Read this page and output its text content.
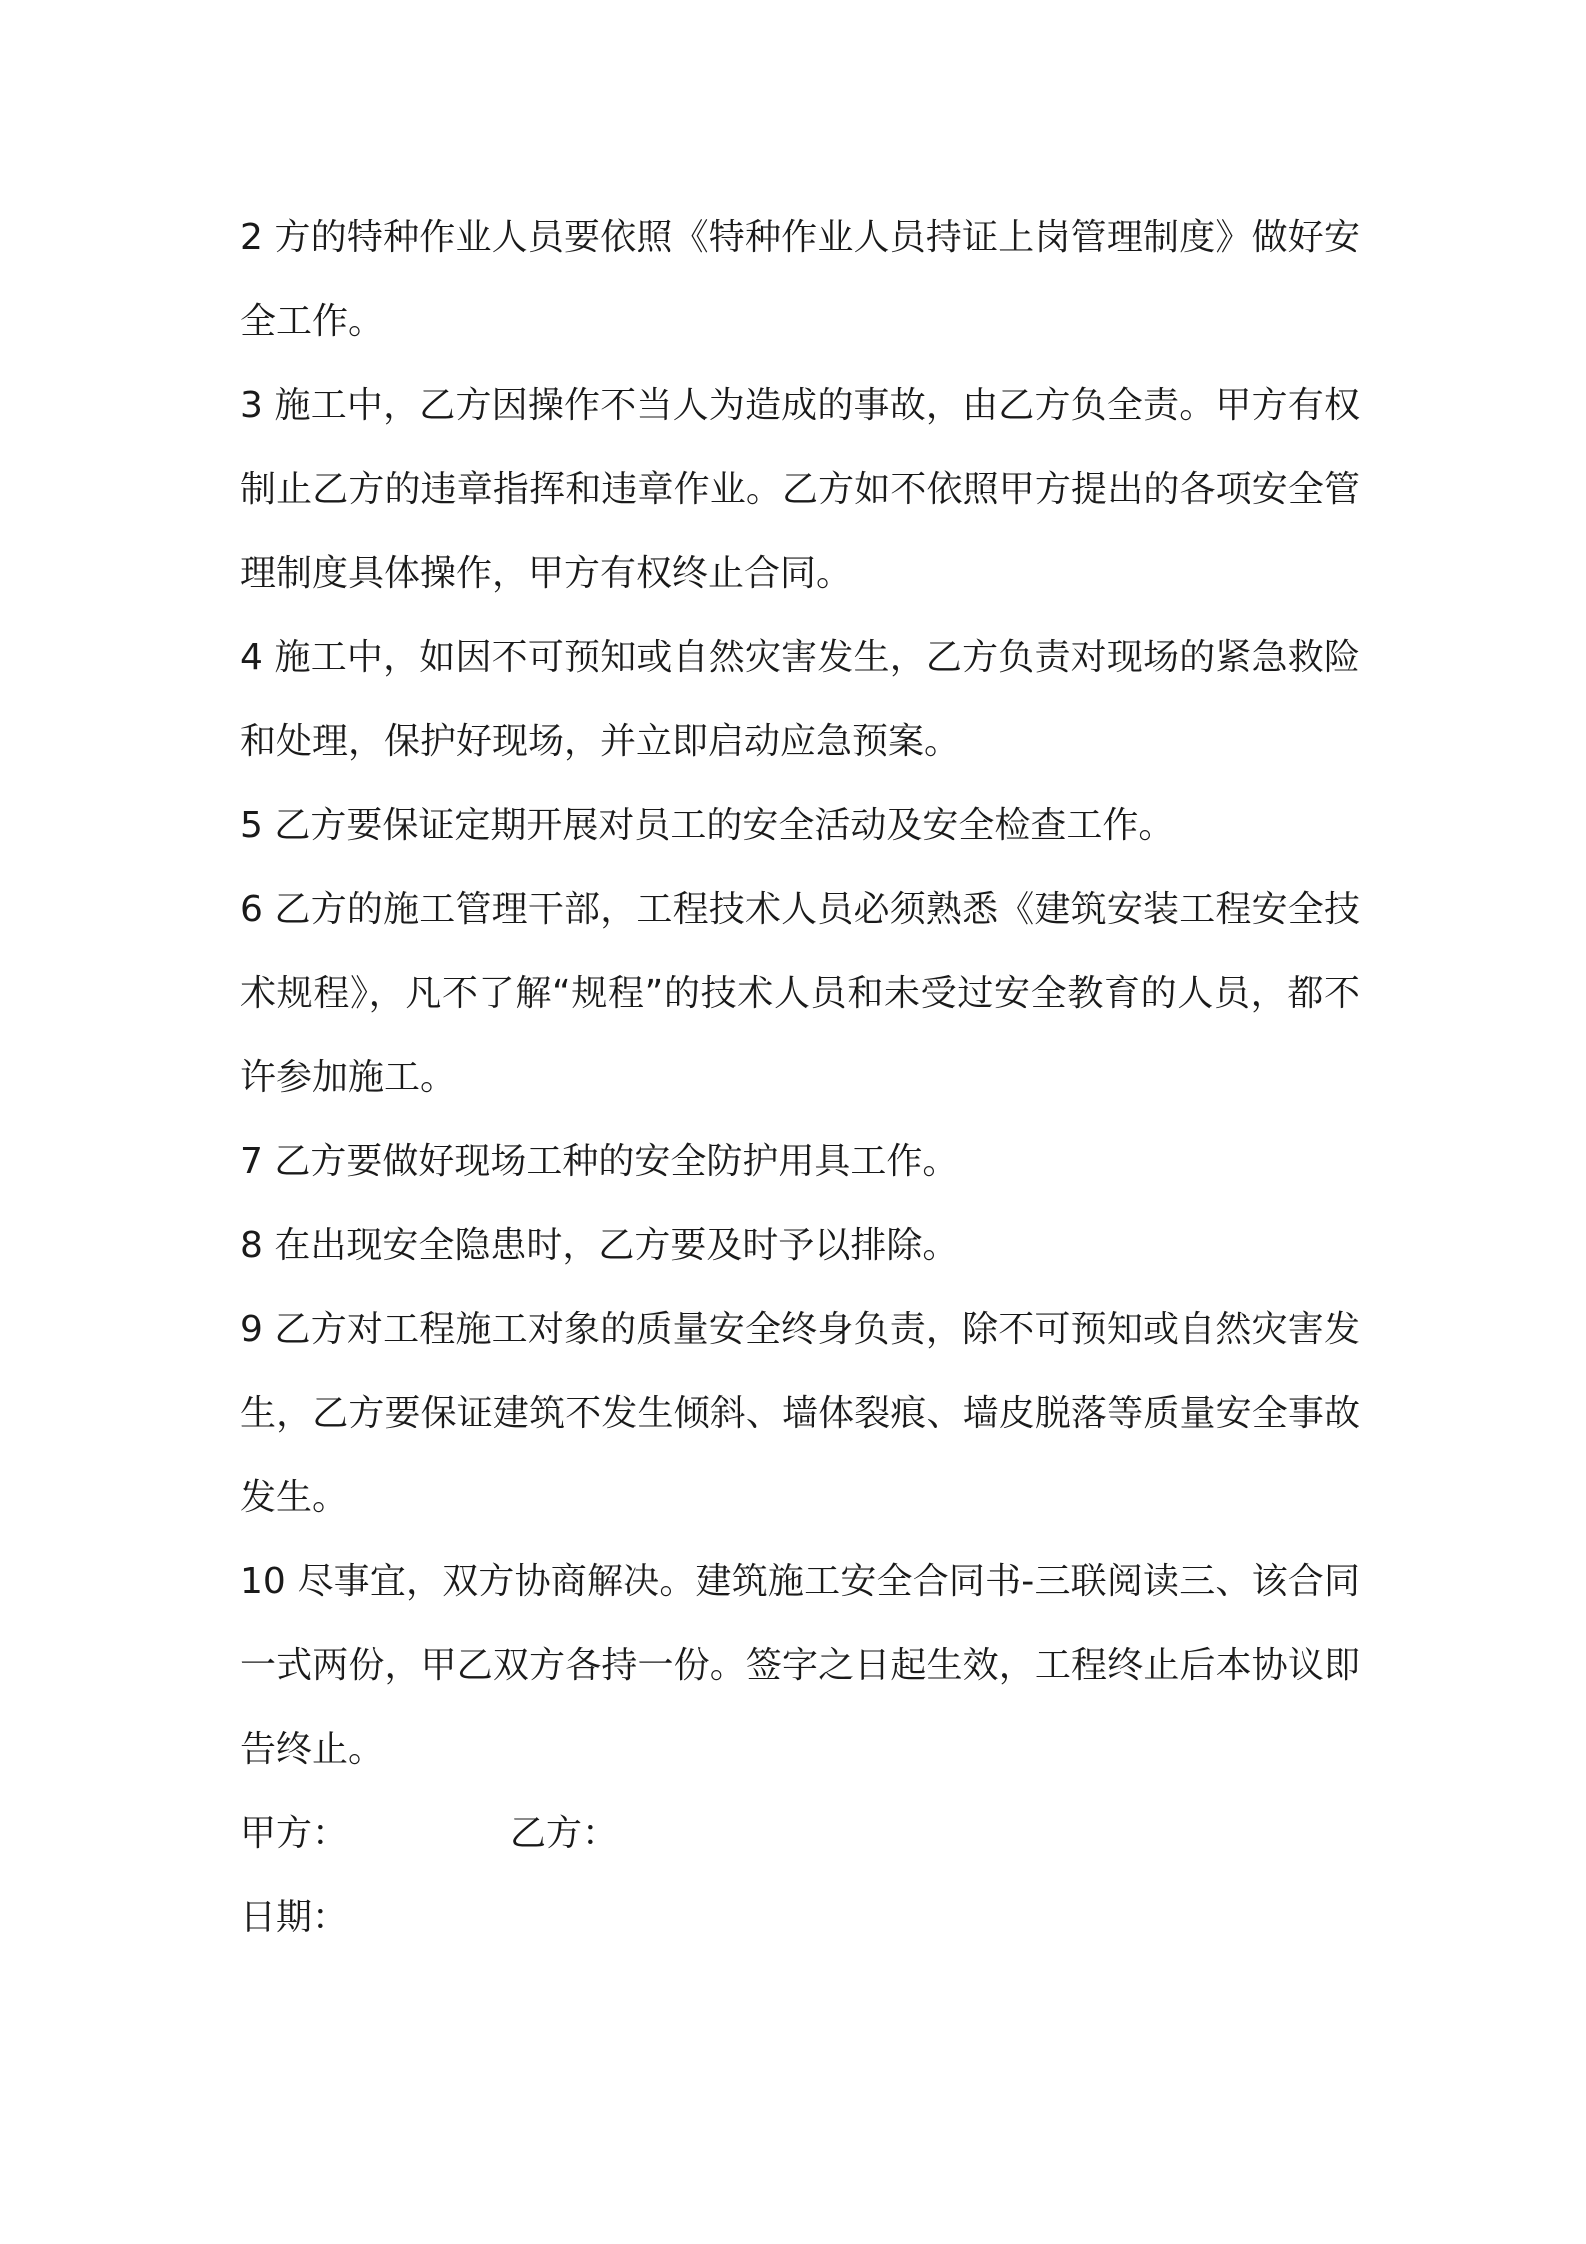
2 方的特种作业人员要依照《特种作业人员持证上岗管理制度》做好安全工作。

3 施工中，乙方因操作不当人为造成的事故，由乙方负全责。甲方有权制止乙方的违章指挥和违章作业。乙方如不依照甲方提出的各项安全管理制度具体操作，甲方有权终止合同。

4 施工中，如因不可预知或自然灾害发生，乙方负责对现场的紧急救险和处理，保护好现场，并立即启动应急预案。

5 乙方要保证定期开展对员工的安全活动及安全检查工作。

6 乙方的施工管理干部，工程技术人员必须熟悉《建筑安装工程安全技术规程》，凡不了解“规程”的技术人员和未受过安全教育的人员，都不许参加施工。

7 乙方要做好现场工种的安全防护用具工作。

8 在出现安全隐患时，乙方要及时予以排除。

9 乙方对工程施工对象的质量安全终身负责，除不可预知或自然灾害发生，乙方要保证建筑不发生倾斜、墙体裂痕、墙皮脱落等质量安全事故发生。

10 尽事宜，双方协商解决。建筑施工安全合同书-三联阅读三、该合同一式两份，甲乙双方各持一份。签字之日起生效，工程终止后本协议即告终止。

甲方：	乙方：
日期：
